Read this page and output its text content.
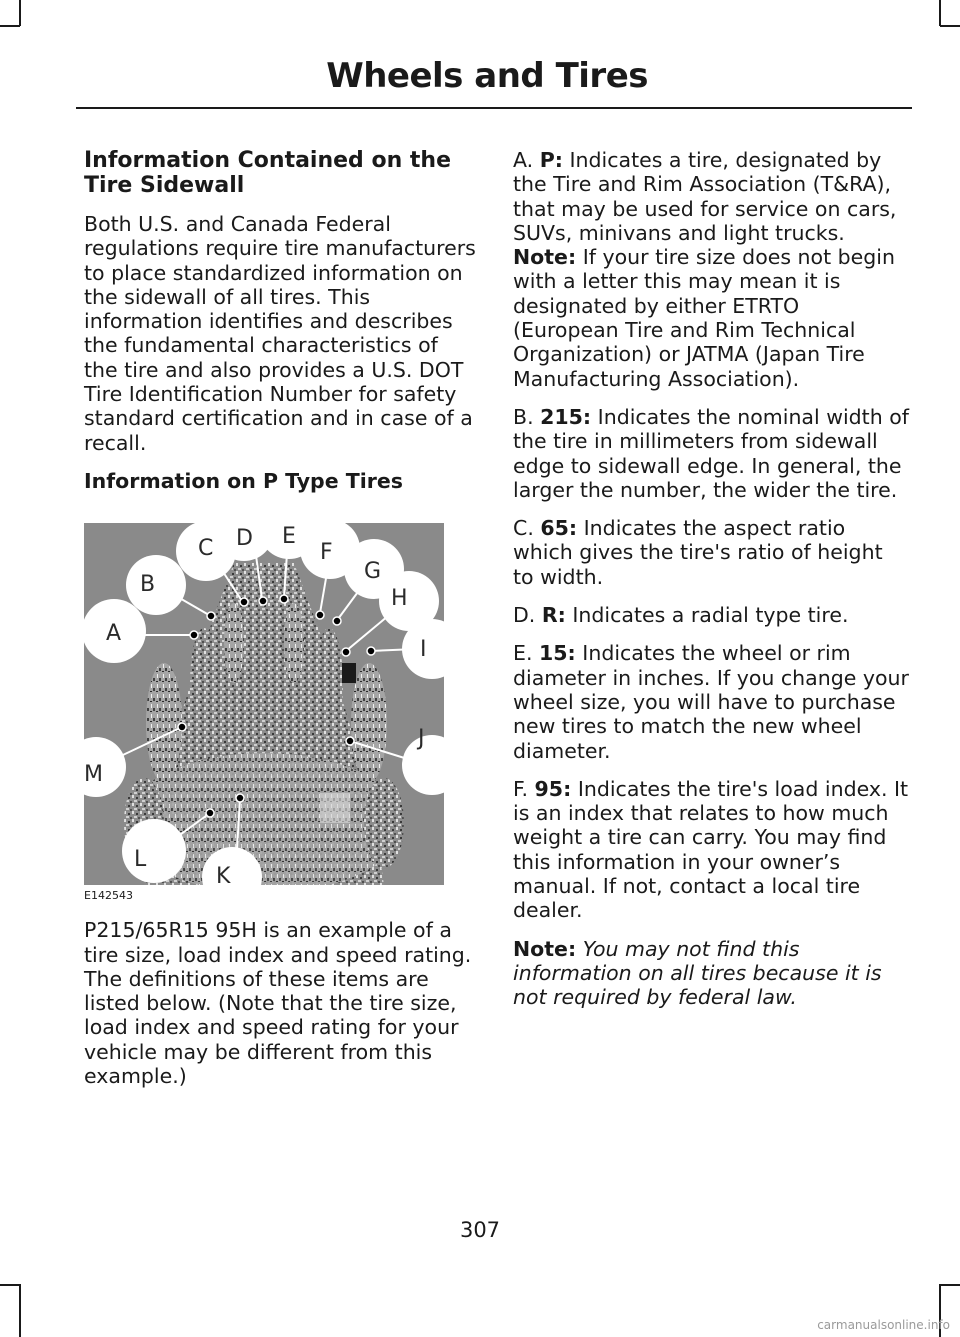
Wheels and Tires
Information Contained on the Tire Sidewall

Both U.S. and Canada Federal regulations require tire manufacturers to place standardized information on the sidewall of all tires. This information identifies and describes the fundamental characteristics of the tire and also provides a U.S. DOT Tire Identification Number for safety standard certification and in case of a recall.

Information on P Type Tires

A
B
C D E
F
G
H
I
J
K
L
M
E142543

P215/65R15 95H is an example of a tire size, load index and speed rating. The definitions of these items are listed below. (Note that the tire size, load index and speed rating for your vehicle may be different from this example.)

A. P: Indicates a tire, designated by the Tire and Rim Association (T&RA), that may be used for service on cars, SUVs, minivans and light trucks. Note: If your tire size does not begin with a letter this may mean it is designated by either ETRTO (European Tire and Rim Technical Organization) or JATMA (Japan Tire Manufacturing Association).

B. 215: Indicates the nominal width of the tire in millimeters from sidewall edge to sidewall edge. In general, the larger the number, the wider the tire.

C. 65: Indicates the aspect ratio which gives the tire's ratio of height to width.

D. R: Indicates a radial type tire.

E. 15: Indicates the wheel or rim diameter in inches. If you change your wheel size, you will have to purchase new tires to match the new wheel diameter.

F. 95: Indicates the tire's load index. It is an index that relates to how much weight a tire can carry. You may find this information in your owner’s manual. If not, contact a local tire dealer.

Note: You may not find this information on all tires because it is not required by federal law.

307
carmanualsonline.info
